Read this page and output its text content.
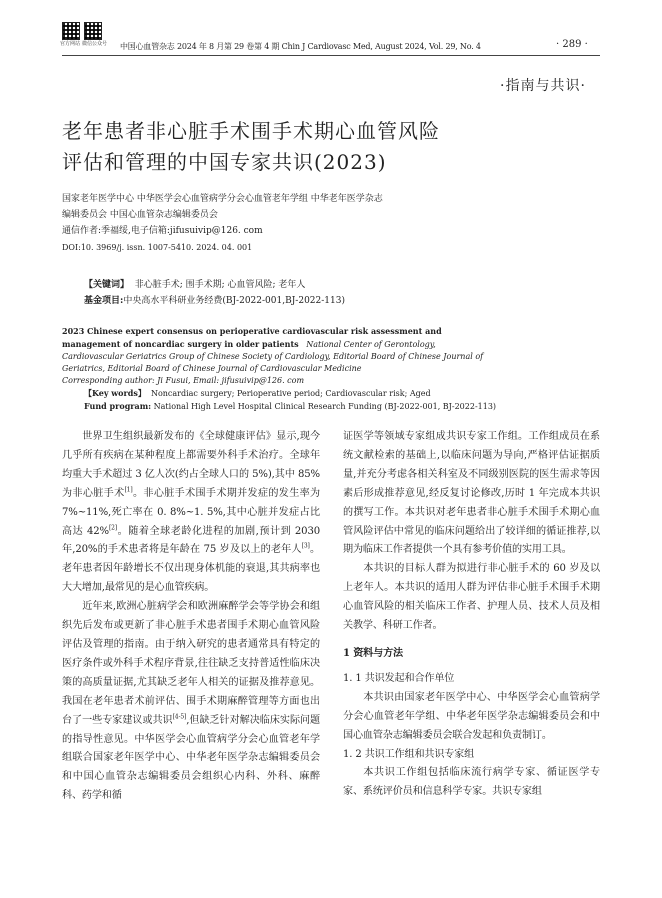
官方网站 微信公众号 中国心血管杂志 2024 年 8 月第 29 卷第 4 期 Chin J Cardiovasc Med, August 2024, Vol. 29, No. 4	· 289 ·
·指南与共识·
老年患者非心脏手术围手术期心血管风险
评估和管理的中国专家共识(2023)
国家老年医学中心 中华医学会心血管病学分会心血管老年学组 中华老年医学杂志
编辑委员会 中国心血管杂志编辑委员会
通信作者:季福绥,电子信箱:jifusuivip@126. com
DOI:10. 3969/j. issn. 1007-5410. 2024. 04. 001
【关键词】 非心脏手术; 围手术期; 心血管风险; 老年人
基金项目:中央高水平科研业务经费(BJ-2022-001,BJ-2022-113)
2023 Chinese expert consensus on perioperative cardiovascular risk assessment and management of noncardiac surgery in older patients National Center of Gerontology, Cardiovascular Geriatrics Group of Chinese Society of Cardiology, Editorial Board of Chinese Journal of Geriatrics, Editorial Board of Chinese Journal of Cardiovascular Medicine
Corresponding author: Ji Fusui, Email: jifusuivip@126. com
【Key words】 Noncardiac surgery; Perioperative period; Cardiovascular risk; Aged
Fund program: National High Level Hospital Clinical Research Funding (BJ-2022-001, BJ-2022-113)

世界卫生组织最新发布的《全球健康评估》显示,现今几乎所有疾病在某种程度上都需要外科手术治疗。全球年均重大手术超过 3 亿人次(约占全球人口的 5%),其中 85% 为非心脏手术[1]。非心脏手术围手术期并发症的发生率为 7%~11%,死亡率在 0. 8%~1. 5%,其中心脏并发症占比高达 42%[2]。随着全球老龄化进程的加剧,预计到 2030 年,20%的手术患者将是年龄在 75 岁及以上的老年人[3]。老年患者因年龄增长不仅出现身体机能的衰退,其共病率也大大增加,最常见的是心血管疾病。

近年来,欧洲心脏病学会和欧洲麻醉学会等学协会和组织先后发布或更新了非心脏手术患者围手术期心血管风险评估及管理的指南。由于纳入研究的患者通常具有特定的医疗条件或外科手术程序背景,往往缺乏支持普适性临床决策的高质量证据,尤其缺乏老年人相关的证据及推荐意见。我国在老年患者术前评估、围手术期麻醉管理等方面也出台了一些专家建议或共识[4-5],但缺乏针对解决临床实际问题的指导性意见。中华医学会心血管病学分会心血管老年学组联合国家老年医学中心、中华老年医学杂志编辑委员会和中国心血管杂志编辑委员会组织心内科、外科、麻醉科、药学和循

证医学等领域专家组成共识专家工作组。工作组成员在系统文献检索的基础上,以临床问题为导向,严格评估证据质量,并充分考虑各相关科室及不同级别医院的医生需求等因素后形成推荐意见,经反复讨论修改,历时 1 年完成本共识的撰写工作。本共识对老年患者非心脏手术围手术期心血管风险评估中常见的临床问题给出了较详细的循证推荐,以期为临床工作者提供一个具有参考价值的实用工具。

本共识的目标人群为拟进行非心脏手术的 60 岁及以上老年人。本共识的适用人群为评估非心脏手术围手术期心血管风险的相关临床工作者、护理人员、技术人员及相关教学、科研工作者。

1 资料与方法
1. 1 共识发起和合作单位

本共识由国家老年医学中心、中华医学会心血管病学分会心血管老年学组、中华老年医学杂志编辑委员会和中国心血管杂志编辑委员会联合发起和负责制订。

1. 2 共识工作组和共识专家组

本共识工作组包括临床流行病学专家、循证医学专家、系统评价员和信息科学专家。共识专家组
